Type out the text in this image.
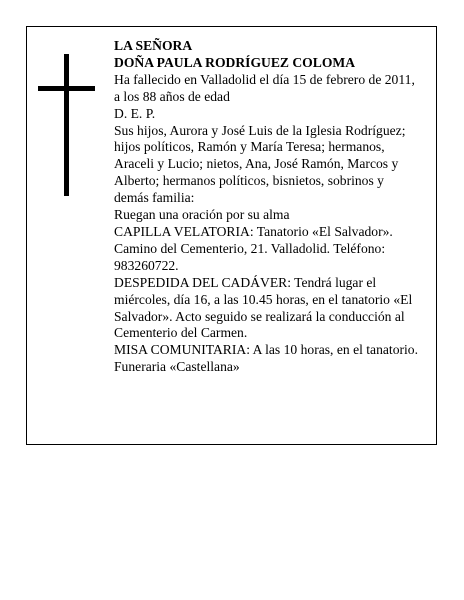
LA SEÑORA

DOÑA PAULA RODRÍGUEZ COLOMA

Ha fallecido en Valladolid el día 15 de febrero de 2011, a los 88 años de edad

D. E. P.

Sus hijos, Aurora y José Luis de la Iglesia Rodríguez; hijos políticos, Ramón y María Teresa; hermanos, Araceli y Lucio; nietos, Ana, José Ramón, Marcos y Alberto; hermanos políticos, bisnietos, sobrinos y demás familia:

Ruegan una oración por su alma

CAPILLA VELATORIA: Tanatorio «El Salvador». Camino del Cementerio, 21. Valladolid. Teléfono: 983260722.

DESPEDIDA DEL CADÁVER: Tendrá lugar el miércoles, día 16, a las 10.45 horas, en el tanatorio «El Salvador». Acto seguido se realizará la conducción al Cementerio del Carmen.

MISA COMUNITARIA: A las 10 horas, en el tanatorio.

Funeraria «Castellana»
